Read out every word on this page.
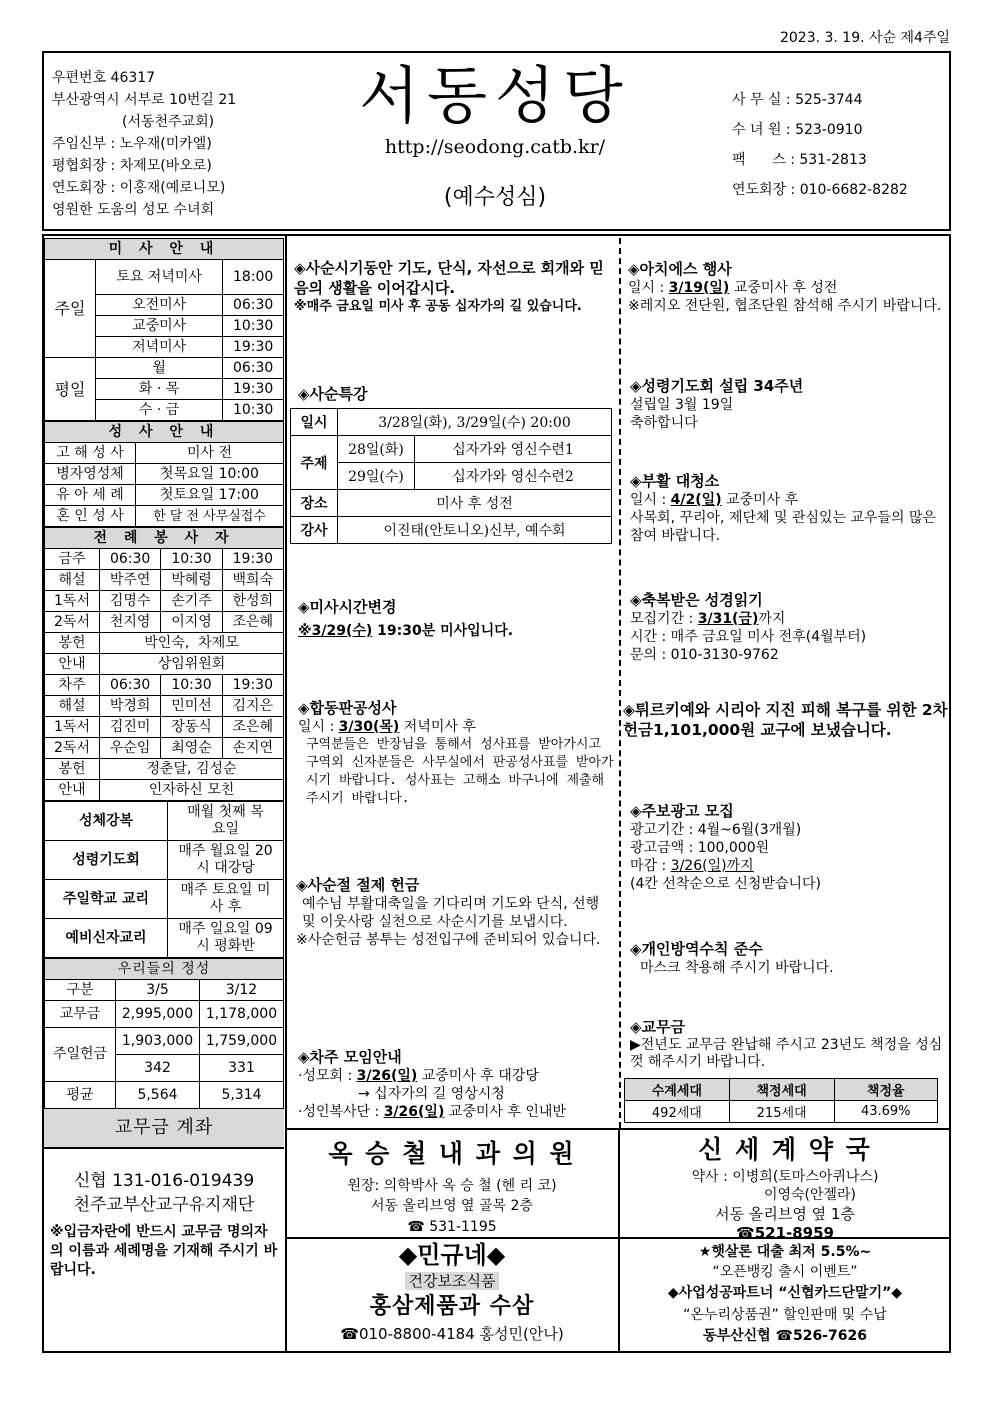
2023. 3. 19. 사순 제4주일
우편번호 46317
부산광역시 서부로 10번길 21
(서동천주교회)
주임신부 : 노우재(미카엘)
평협회장 : 차제모(바오로)
연도회장 : 이홍재(예로니모)
영원한 도움의 성모 수녀회
서동성당
http://seodong.catb.kr/
(예수성심)
사 무 실 : 525-3744
수 녀 원 : 523-0910
팩      스 : 531-2813
연도회장 : 010-6682-8282
미 사 안 내		
주일	토요 저녁미사	18:00
	오전미사	06:30
	교중미사	10:30
	저녁미사	19:30
평일	월	06:30
	화 · 목	19:30
	수 · 금	10:30
성 사 안 내	
고 해 성 사	미사 전
병자영성체	첫목요일 10:00
유 아 세 례	첫토요일 17:00
혼 인 성 사	한 달 전 사무실접수
전 례 봉 사 자			
금주	06:30	10:30	19:30
해설	박주연	박혜령	백희숙
1독서	김명수	손기주	한성희
2독서	천지영	이지영	조은혜
봉헌	박인숙,  차제모		
안내	상임위원회		
차주	06:30	10:30	19:30
해설	박경희	민미선	김지은
1독서	김진미	장동식	조은혜
2독서	우순임	최영순	손지연
봉헌	정춘달, 김성순		
안내	인자하신 모친		
성체강복	매월 첫째 목요일
성령기도회	매주 월요일 20시 대강당
주일학교 교리	매주 토요일 미사 후
예비신자교리	매주 일요일 09시 평화반
우리들의 정성		
구분	3/5	3/12
교무금	2,995,000	1,178,000
주일헌금	1,903,000	1,759,000
	342	331
평균	5,564	5,314
교무금 계좌
신협 131-016-019439
천주교부산교구유지재단
※입금자란에 반드시 교무금 명의자의 이름과 세례명을 기재해 주시기 바랍니다.
◈사순시기동안 기도, 단식, 자선으로 회개와 믿음의 생활을 이어갑시다.
※매주 금요일 미사 후 공동 십자가의 길 있습니다.
◈사순특강
일시	3/28일(화), 3/29일(수) 20:00	
주제	28일(화)	십자가와 영신수련1
	29일(수)	십자가와 영신수련2
장소	미사 후 성전	
강사	이진태(안토니오)신부, 예수회	
◈미사시간변경
※3/29(수) 19:30분 미사입니다.
◈합동판공성사
일시 : 3/30(목) 저녁미사 후
구역분들은 반장님을 통해서 성사표를 받아가시고 구역외 신자분들은 사무실에서 판공성사표를 받아가시기 바랍니다. 성사표는 고해소 바구니에 제출해 주시기 바랍니다.
◈사순절 절제 헌금
예수님 부활대축일을 기다리며 기도와 단식, 선행 및 이웃사랑 실천으로 사순시기를 보냅시다.
※사순헌금 봉투는 성전입구에 준비되어 있습니다.
◈차주 모임안내
·성모회 : 3/26(일) 교중미사 후 대강당
→ 십자가의 길 영상시청
·성인복사단 : 3/26(일) 교중미사 후 인내반
◈아치에스 행사
일시 : 3/19(일) 교중미사 후 성전
※레지오 전단원, 협조단원 참석해 주시기 바랍니다.
◈성령기도회 설립 34주년
설립일 3월 19일
축하합니다
◈부활 대청소
일시 : 4/2(일) 교중미사 후
사목회, 꾸리아, 제단체 및 관심있는 교우들의 많은 참여 바랍니다.
◈축복받은 성경읽기
모집기간 : 3/31(금)까지
시간 : 매주 금요일 미사 전후(4월부터)
문의 : 010-3130-9762
◈튀르키예와 시리아 지진 피해 복구를 위한 2차 헌금1,101,000원 교구에 보냈습니다.
◈주보광고 모집
광고기간 : 4월~6월(3개월)
광고금액 : 100,000원
마감 : 3/26(일)까지
(4칸 선착순으로 신청받습니다)
◈개인방역수칙 준수
마스크 착용해 주시기 바랍니다.
◈교무금
▶전년도 교무금 완납해 주시고 23년도 책정을 성심껏 해주시기 바랍니다.
수계세대	책정세대	책정율
492세대	215세대	43.69%
옥 승 철 내 과 의 원
원장: 의학박사 옥 승 철 (헨 리 코)
서동 올리브영 옆 골목 2층
☎ 531-1195
신 세 계 약 국
약사 : 이병희(토마스아퀴나스)
이영숙(안젤라)
서동 올리브영 옆 1층
☎521-8959
◆민규네◆
건강보조식품
홍삼제품과 수삼
☎010-8800-4184 홍성민(안나)
★햇살론 대출 최저 5.5%~
“오픈뱅킹 출시 이벤트”
◆사업성공파트너 “신협카드단말기”◆
“온누리상품권” 할인판매 및 수납
동부산신협 ☎526-7626
